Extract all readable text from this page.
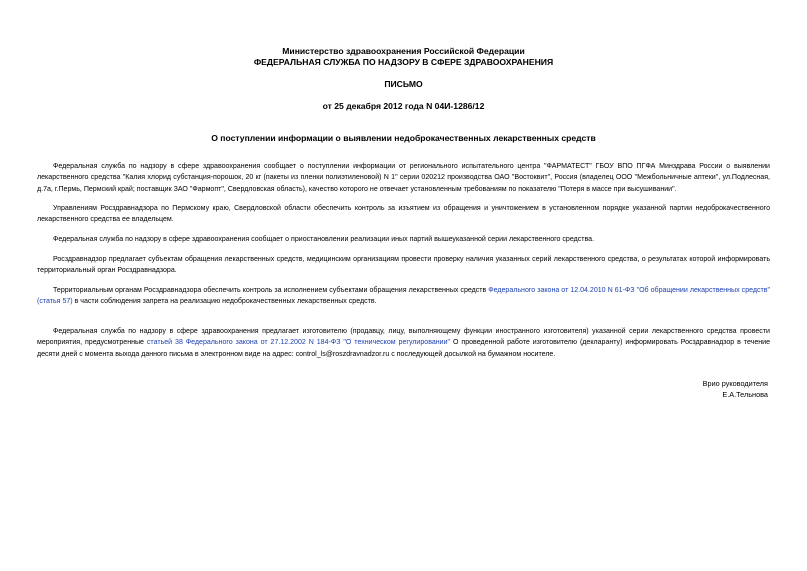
Министерство здравоохранения Российской Федерации
ФЕДЕРАЛЬНАЯ СЛУЖБА ПО НАДЗОРУ В СФЕРЕ ЗДРАВООХРАНЕНИЯ
ПИСЬМО
от 25 декабря 2012 года N 04И-1286/12
О поступлении информации о выявлении недоброкачественных лекарственных средств

Федеральная служба по надзору в сфере здравоохранения сообщает о поступлении информации от регионального испытательного центра "ФАРМАТЕСТ" ГБОУ ВПО ПГФА Минздрава России о выявлении лекарственного средства "Калия хлорид субстанция-порошок, 20 кг (пакеты из пленки полиэтиленовой) N 1" серии 020212 производства ОАО "Востоквит", Россия (владелец ООО "Межбольничные аптеки", ул.Подлесная, д.7а, г.Пермь, Пермский край; поставщик ЗАО "Фармопт", Свердловская область), качество которого не отвечает установленным требованиям по показателю "Потеря в массе при высушивании".

Управлениям Росздравнадзора по Пермскому краю, Свердловской области обеспечить контроль за изъятием из обращения и уничтожением в установленном порядке указанной партии недоброкачественного лекарственного средства ее владельцем.

Федеральная служба по надзору в сфере здравоохранения сообщает о приостановлении реализации иных партий вышеуказанной серии лекарственного средства.

Росздравнадзор предлагает субъектам обращения лекарственных средств, медицинским организациям провести проверку наличия указанных серий лекарственного средства, о результатах которой информировать территориальный орган Росздравнадзора.

Территориальным органам Росздравнадзора обеспечить контроль за исполнением субъектами обращения лекарственных средств Федерального закона от 12.04.2010 N 61-ФЗ "Об обращении лекарственных средств" (статья 57) в части соблюдения запрета на реализацию недоброкачественных лекарственных средств.

Федеральная служба по надзору в сфере здравоохранения предлагает изготовителю (продавцу, лицу, выполняющему функции иностранного изготовителя) указанной серии лекарственного средства провести мероприятия, предусмотренные статьей 38 Федерального закона от 27.12.2002 N 184-ФЗ "О техническом регулировании" О проведенной работе изготовителю (декларанту) информировать Росздравнадзор в течение десяти дней с момента выхода данного письма в электронном виде на адрес: control_ls@roszdravnadzor.ru с последующей досылкой на бумажном носителе.

Врио руководителя
Е.А.Тельнова
